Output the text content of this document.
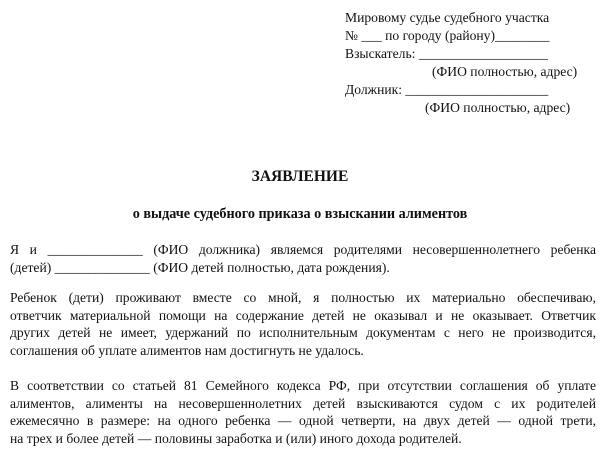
Мировому судье судебного участка
№ ___ по городу (району)________
Взыскатель: ___________________
(ФИО полностью, адрес)
Должник: _____________________
(ФИО полностью, адрес)
ЗАЯВЛЕНИЕ
о выдаче судебного приказа о взыскании алиментов
Я и ______________ (ФИО должника) являемся родителями несовершеннолетнего ребенка
(детей) ______________ (ФИО детей полностью, дата рождения).
Ребенок (дети) проживают вместе со мной, я полностью их материально обеспечиваю,
ответчик материальной помощи на содержание детей не оказывал и не оказывает. Ответчик
других детей не имеет, удержаний по исполнительным документам с него не производится,
соглашения об уплате алиментов нам достигнуть не удалось.
В соответствии со статьей 81 Семейного кодекса РФ, при отсутствии соглашения об уплате
алиментов, алименты на несовершеннолетних детей взыскиваются судом с их родителей
ежемесячно в размере: на одного ребенка — одной четверти, на двух детей — одной трети,
на трех и более детей — половины заработка и (или) иного дохода родителей.
